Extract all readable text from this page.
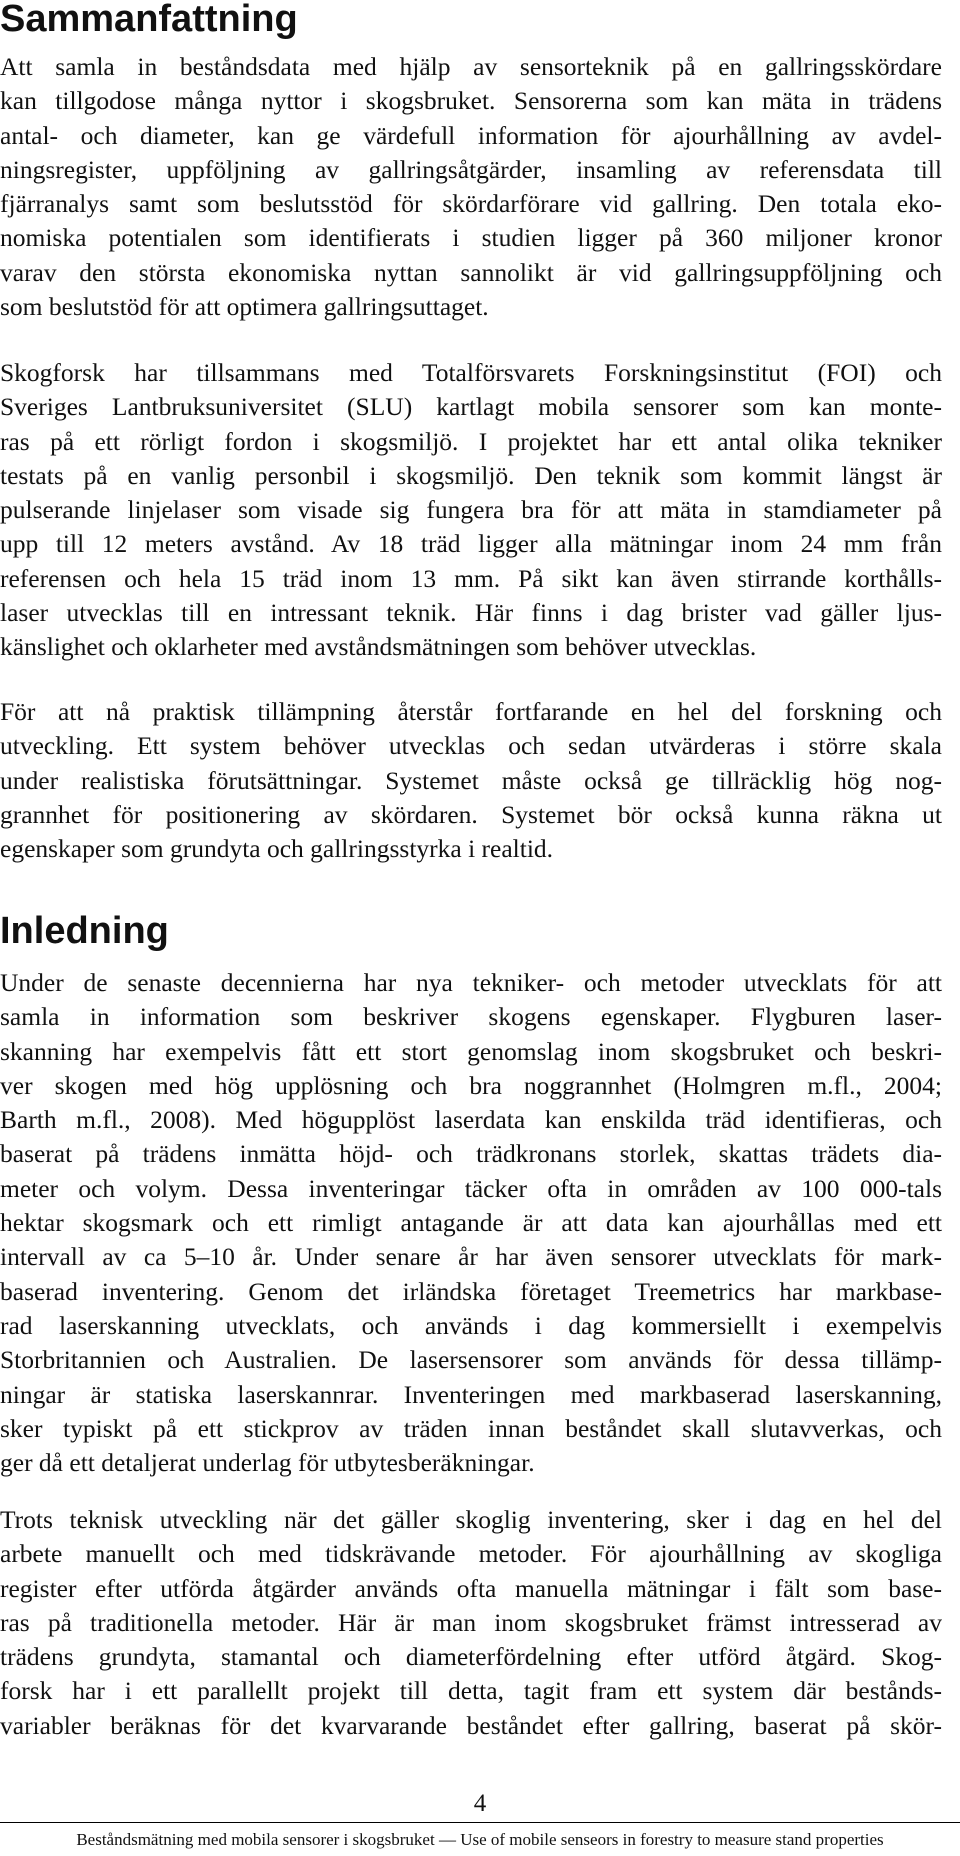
Sammanfattning
Att samla in beståndsdata med hjälp av sensorteknik på en gallringsskördare
kan tillgodose många nyttor i skogsbruket. Sensorerna som kan mäta in trädens
antal- och diameter, kan ge värdefull information för ajourhållning av avdel-
ningsregister, uppföljning av gallringsåtgärder, insamling av referensdata till
fjärranalys samt som beslutsstöd för skördarförare vid gallring. Den totala eko-
nomiska potentialen som identifierats i studien ligger på 360 miljoner kronor
varav den största ekonomiska nyttan sannolikt är vid gallringsuppföljning och
som beslutstöd för att optimera gallringsuttaget.
Skogforsk har tillsammans med Totalförsvarets Forskningsinstitut (FOI) och
Sveriges Lantbruksuniversitet (SLU) kartlagt mobila sensorer som kan monte-
ras på ett rörligt fordon i skogsmiljö. I projektet har ett antal olika tekniker
testats på en vanlig personbil i skogsmiljö. Den teknik som kommit längst är
pulserande linjelaser som visade sig fungera bra för att mäta in stamdiameter på
upp till 12 meters avstånd. Av 18 träd ligger alla mätningar inom 24 mm från
referensen och hela 15 träd inom 13 mm. På sikt kan även stirrande korthålls-
laser utvecklas till en intressant teknik. Här finns i dag brister vad gäller ljus-
känslighet och oklarheter med avståndsmätningen som behöver utvecklas.
För att nå praktisk tillämpning återstår fortfarande en hel del forskning och
utveckling. Ett system behöver utvecklas och sedan utvärderas i större skala
under realistiska förutsättningar. Systemet måste också ge tillräcklig hög nog-
grannhet för positionering av skördaren. Systemet bör också kunna räkna ut
egenskaper som grundyta och gallringsstyrka i realtid.
Inledning
Under de senaste decennierna har nya tekniker- och metoder utvecklats för att
samla in information som beskriver skogens egenskaper. Flygburen laser-
skanning har exempelvis fått ett stort genomslag inom skogsbruket och beskri-
ver skogen med hög upplösning och bra noggrannhet (Holmgren m.fl., 2004;
Barth m.fl., 2008). Med högupplöst laserdata kan enskilda träd identifieras, och
baserat på trädens inmätta höjd- och trädkronans storlek, skattas trädets dia-
meter och volym. Dessa inventeringar täcker ofta in områden av 100 000-tals
hektar skogsmark och ett rimligt antagande är att data kan ajourhållas med ett
intervall av ca 5–10 år. Under senare år har även sensorer utvecklats för mark-
baserad inventering. Genom det irländska företaget Treemetrics har markbase-
rad laserskanning utvecklats, och används i dag kommersiellt i exempelvis
Storbritannien och Australien. De lasersensorer som används för dessa tillämp-
ningar är statiska laserskannrar. Inventeringen med markbaserad laserskanning,
sker typiskt på ett stickprov av träden innan beståndet skall slutavverkas, och
ger då ett detaljerat underlag för utbytesberäkningar.
Trots teknisk utveckling när det gäller skoglig inventering, sker i dag en hel del
arbete manuellt och med tidskrävande metoder. För ajourhållning av skogliga
register efter utförda åtgärder används ofta manuella mätningar i fält som base-
ras på traditionella metoder. Här är man inom skogsbruket främst intresserad av
trädens grundyta, stamantal och diameterfördelning efter utförd åtgärd. Skog-
forsk har i ett parallellt projekt till detta, tagit fram ett system där bestånds-
variabler beräknas för det kvarvarande beståndet efter gallring, baserat på skör-
4
Beståndsmätning med mobila sensorer i skogsbruket — Use of mobile senseors in forestry to measure stand properties
